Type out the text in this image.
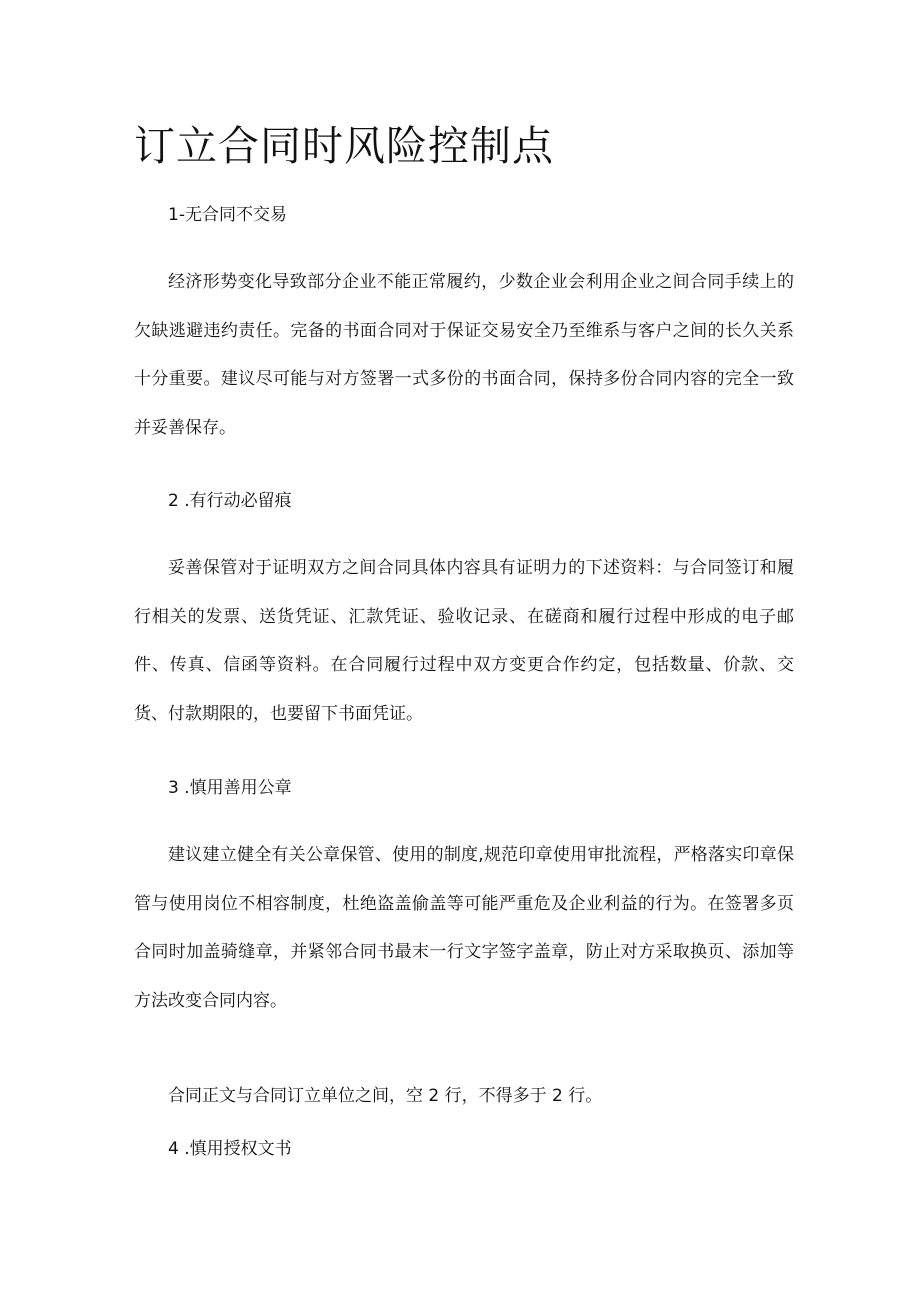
订立合同时风险控制点

1-无合同不交易

经济形势变化导致部分企业不能正常履约，少数企业会利用企业之间合同手续上的欠缺逃避违约责任。完备的书面合同对于保证交易安全乃至维系与客户之间的长久关系十分重要。建议尽可能与对方签署一式多份的书面合同，保持多份合同内容的完全一致并妥善保存。

2 .有行动必留痕

妥善保管对于证明双方之间合同具体内容具有证明力的下述资料：与合同签订和履行相关的发票、送货凭证、汇款凭证、验收记录、在磋商和履行过程中形成的电子邮件、传真、信函等资料。在合同履行过程中双方变更合作约定，包括数量、价款、交货、付款期限的，也要留下书面凭证。

3 .慎用善用公章

建议建立健全有关公章保管、使用的制度,规范印章使用审批流程，严格落实印章保管与使用岗位不相容制度，杜绝盗盖偷盖等可能严重危及企业利益的行为。在签署多页合同时加盖骑缝章，并紧邻合同书最末一行文字签字盖章，防止对方采取换页、添加等方法改变合同内容。

合同正文与合同订立单位之间，空 2 行，不得多于 2 行。

4 .慎用授权文书
